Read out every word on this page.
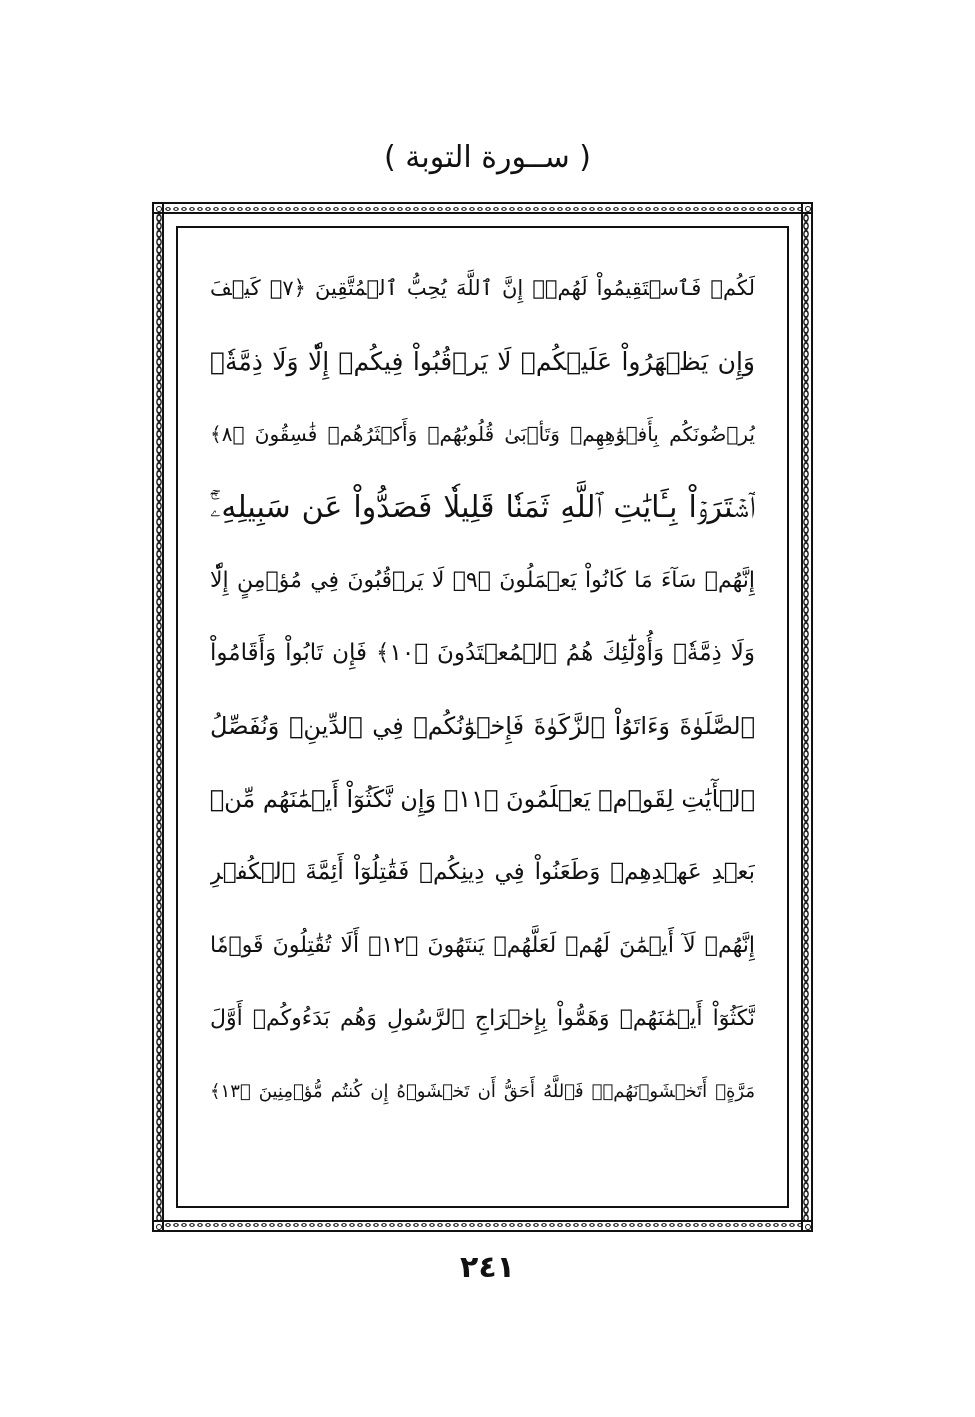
( ســورة التوبة )
لَكُمۡ فَٱسۡتَقِيمُواْ لَهُمۡۚ إِنَّ ٱللَّهَ يُحِبُّ ٱلۡمُتَّقِينَ ﴿٧﴾ كَيۡفَ
وَإِن يَظۡهَرُواْ عَلَيۡكُمۡ لَا يَرۡقُبُواْ فِيكُمۡ إِلّٗا وَلَا ذِمَّةٗۚ
يُرۡضُونَكُم بِأَفۡوَٰهِهِمۡ وَتَأۡبَىٰ قُلُوبُهُمۡ وَأَكۡثَرُهُمۡ فَٰسِقُونَ ﴿٨﴾
ٱشۡتَرَوۡاْ بِـَٔايَٰتِ ٱللَّهِ ثَمَنٗا قَلِيلٗا فَصَدُّواْ عَن سَبِيلِهِۦٓۚ
إِنَّهُمۡ سَآءَ مَا كَانُواْ يَعۡمَلُونَ ﴿٩﴾ لَا يَرۡقُبُونَ فِي مُؤۡمِنٍ إِلّٗا
وَلَا ذِمَّةٗۚ وَأُوْلَٰٓئِكَ هُمُ ٱلۡمُعۡتَدُونَ ﴿١٠﴾ فَإِن تَابُواْ وَأَقَامُواْ
ٱلصَّلَوٰةَ وَءَاتَوُاْ ٱلزَّكَوٰةَ فَإِخۡوَٰنُكُمۡ فِي ٱلدِّينِۗ وَنُفَصِّلُ
ٱلۡأٓيَٰتِ لِقَوۡمٖ يَعۡلَمُونَ ﴿١١﴾ وَإِن نَّكَثُوٓاْ أَيۡمَٰنَهُم مِّنۢ
بَعۡدِ عَهۡدِهِمۡ وَطَعَنُواْ فِي دِينِكُمۡ فَقَٰتِلُوٓاْ أَئِمَّةَ ٱلۡكُفۡرِ
إِنَّهُمۡ لَآ أَيۡمَٰنَ لَهُمۡ لَعَلَّهُمۡ يَنتَهُونَ ﴿١٢﴾ أَلَا تُقَٰتِلُونَ قَوۡمٗا
نَّكَثُوٓاْ أَيۡمَٰنَهُمۡ وَهَمُّواْ بِإِخۡرَاجِ ٱلرَّسُولِ وَهُم بَدَءُوكُمۡ أَوَّلَ
مَرَّةٍۚ أَتَخۡشَوۡنَهُمۡۚ فَٱللَّهُ أَحَقُّ أَن تَخۡشَوۡهُ إِن كُنتُم مُّؤۡمِنِينَ ﴿١٣﴾
٢٤١
